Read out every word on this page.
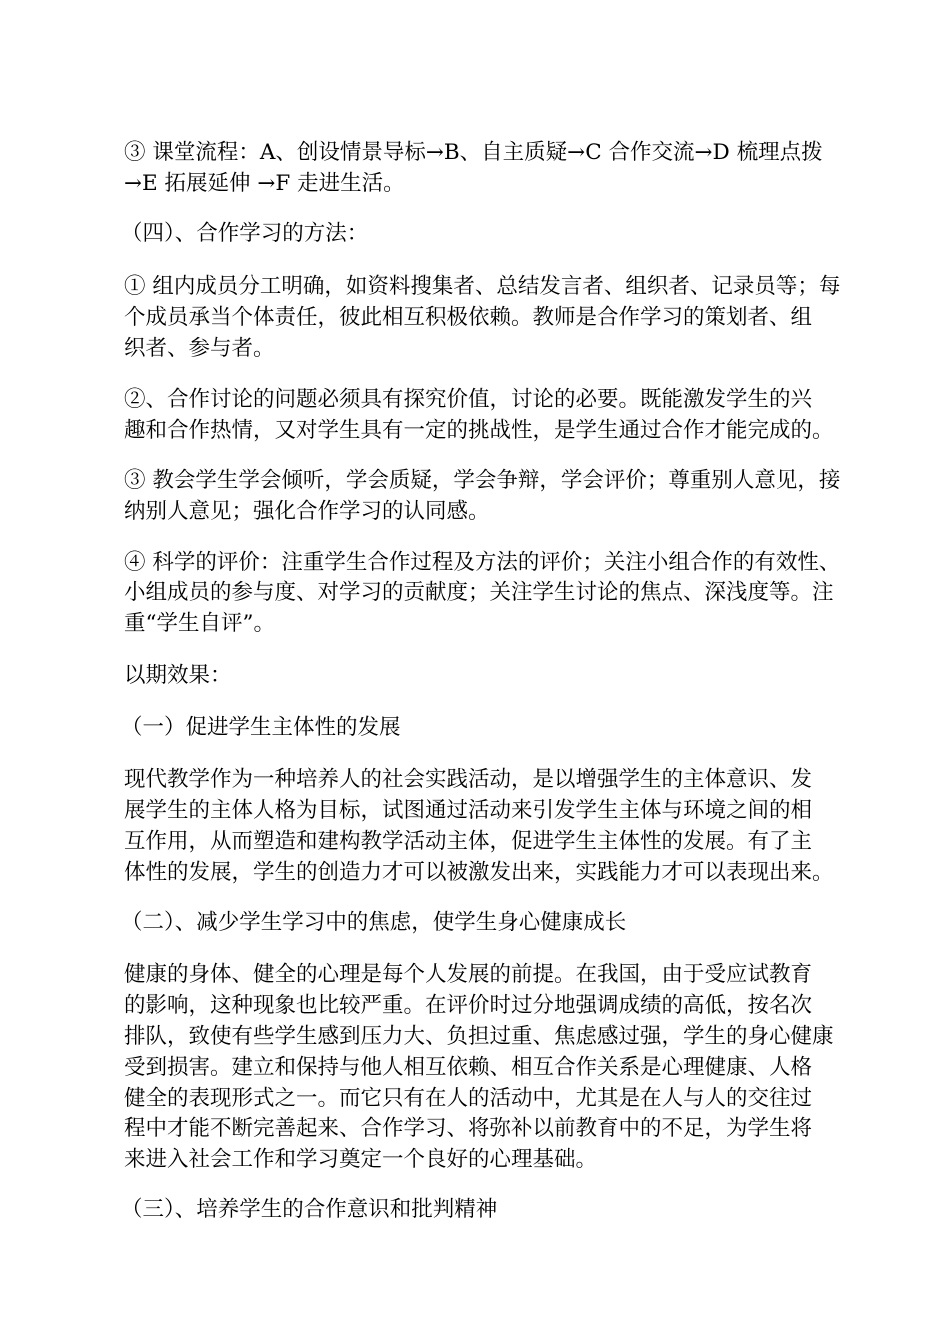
③ 课堂流程：A、创设情景导标→B、自主质疑→C 合作交流→D 梳理点拨

→E 拓展延伸 →F 走进生活。

（四）、合作学习的方法：

① 组内成员分工明确，如资料搜集者、总结发言者、组织者、记录员等；每

个成员承当个体责任，彼此相互积极依赖。教师是合作学习的策划者、组

织者、参与者。

②、合作讨论的问题必须具有探究价值，讨论的必要。既能激发学生的兴

趣和合作热情，又对学生具有一定的挑战性，是学生通过合作才能完成的。

③ 教会学生学会倾听，学会质疑，学会争辩，学会评价；尊重别人意见，接

纳别人意见；强化合作学习的认同感。

④ 科学的评价：注重学生合作过程及方法的评价；关注小组合作的有效性、

小组成员的参与度、对学习的贡献度；关注学生讨论的焦点、深浅度等。注

重“学生自评”。

以期效果：

（一）促进学生主体性的发展

现代教学作为一种培养人的社会实践活动，是以增强学生的主体意识、发

展学生的主体人格为目标，试图通过活动来引发学生主体与环境之间的相

互作用，从而塑造和建构教学活动主体，促进学生主体性的发展。有了主

体性的发展，学生的创造力才可以被激发出来，实践能力才可以表现出来。

（二）、减少学生学习中的焦虑，使学生身心健康成长

健康的身体、健全的心理是每个人发展的前提。在我国，由于受应试教育

的影响，这种现象也比较严重。在评价时过分地强调成绩的高低，按名次

排队，致使有些学生感到压力大、负担过重、焦虑感过强，学生的身心健康

受到损害。建立和保持与他人相互依赖、相互合作关系是心理健康、人格

健全的表现形式之一。而它只有在人的活动中，尤其是在人与人的交往过

程中才能不断完善起来、合作学习、将弥补以前教育中的不足，为学生将

来进入社会工作和学习奠定一个良好的心理基础。

（三）、培养学生的合作意识和批判精神
